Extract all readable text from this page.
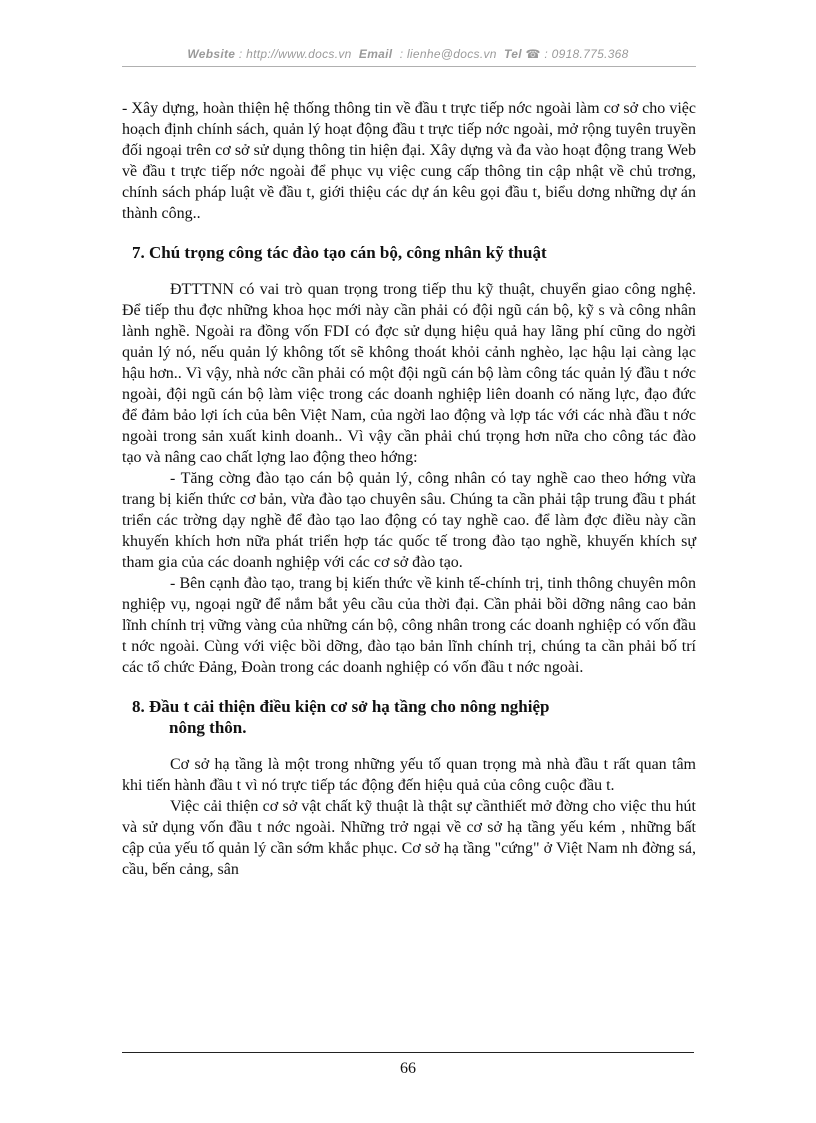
Website : http://www.docs.vn Email : lienhe@docs.vn Tel ☎ : 0918.775.368

- Xây dựng, hoàn thiện hệ thống thông tin về đầu t trực tiếp nớc ngoài làm cơ sở cho việc hoạch định chính sách, quản lý hoạt động đầu t trực tiếp nớc ngoài, mở rộng tuyên truyền đối ngoại trên cơ sở sử dụng thông tin hiện đại. Xây dựng và đa vào hoạt động trang Web về đầu t trực tiếp nớc ngoài để phục vụ việc cung cấp thông tin cập nhật về chủ trơng, chính sách pháp luật về đầu t, giới thiệu các dự án kêu gọi đầu t, biểu dơng những dự án thành công..

7. Chú trọng công tác đào tạo cán bộ, công nhân kỹ thuật

ĐTTTNN có vai trò quan trọng trong tiếp thu kỹ thuật, chuyển giao công nghệ. Để tiếp thu đợc những khoa học mới này cần phải có đội ngũ cán bộ, kỹ s và công nhân lành nghề. Ngoài ra đồng vốn FDI có đợc sử dụng hiệu quả hay lãng phí cũng do ngời quản lý nó, nếu quản lý không tốt sẽ không thoát khỏi cảnh nghèo, lạc hậu lại càng lạc hậu hơn.. Vì vậy, nhà nớc cần phải có một đội ngũ cán bộ làm công tác quản lý đầu t nớc ngoài, đội ngũ cán bộ làm việc trong các doanh nghiệp liên doanh có năng lực, đạo đức để đảm bảo lợi ích của bên Việt Nam, của ngời lao động và lợp tác với các nhà đầu t nớc ngoài trong sản xuất kinh doanh.. Vì vậy cần phải chú trọng hơn nữa cho công tác đào tạo và nâng cao chất lợng lao động theo hớng:

- Tăng cờng đào tạo cán bộ quản lý, công nhân có tay nghề cao theo hớng vừa trang bị kiến thức cơ bản, vừa đào tạo chuyên sâu. Chúng ta cần phải tập trung đầu t phát triển các trờng dạy nghề để đào tạo lao động có tay nghề cao. để làm đợc điều này cần khuyến khích hơn nữa phát triển hợp tác quốc tế trong đào tạo nghề, khuyến khích sự tham gia của các doanh nghiệp với các cơ sở đào tạo.

- Bên cạnh đào tạo, trang bị kiến thức về kinh tế-chính trị, tinh thông chuyên môn nghiệp vụ, ngoại ngữ để nắm bắt yêu cầu của thời đại. Cần phải bồi dỡng nâng cao bản lĩnh chính trị vững vàng của những cán bộ, công nhân trong các doanh nghiệp có vốn đầu t nớc ngoài. Cùng với việc bồi dỡng, đào tạo bản lĩnh chính trị, chúng ta cần phải bố trí các tổ chức Đảng, Đoàn trong các doanh nghiệp có vốn đầu t nớc ngoài.

8. Đầu t cải thiện điều kiện cơ sở hạ tầng cho nông nghiệp
nông thôn.

Cơ sở hạ tầng là một trong những yếu tố quan trọng mà nhà đầu t rất quan tâm khi tiến hành đầu t vì nó trực tiếp tác động đến hiệu quả của công cuộc đầu t.

Việc cải thiện cơ sở vật chất kỹ thuật là thật sự cầnthiết mở đờng cho việc thu hút và sử dụng vốn đầu t nớc ngoài. Những trở ngại về cơ sở hạ tầng yếu kém , những bất cập của yếu tố quản lý cần sớm khắc phục. Cơ sở hạ tầng "cứng" ở Việt Nam nh đờng sá, cầu, bến cảng, sân

66
